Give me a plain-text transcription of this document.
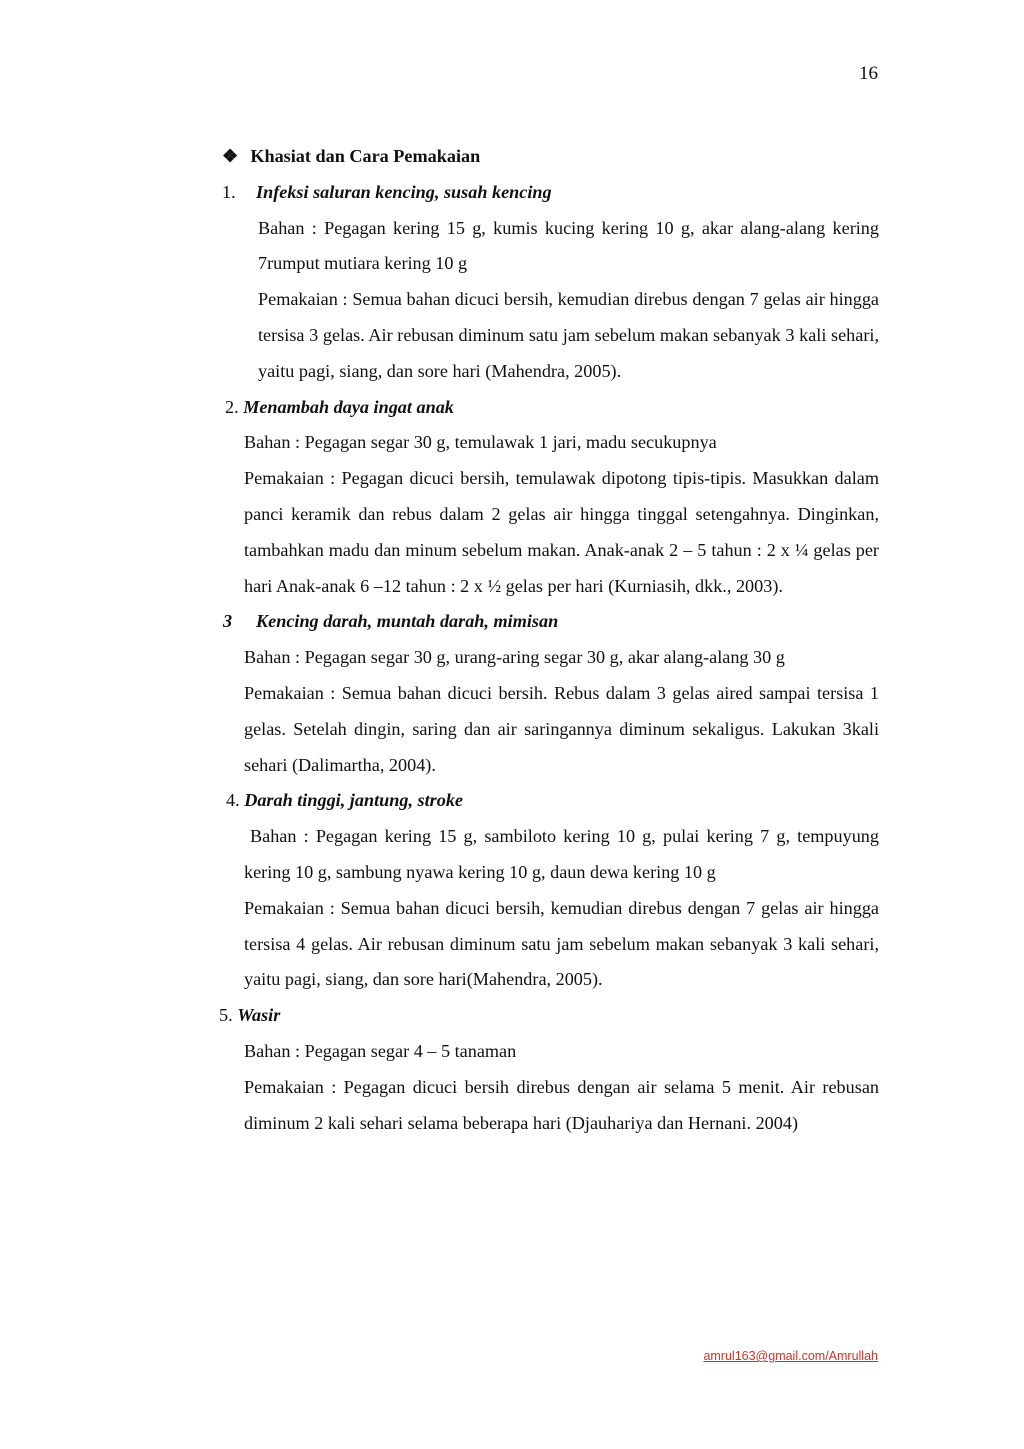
16

❖ Khasiat dan Cara Pemakaian

1. Infeksi saluran kencing, susah kencing

Bahan : Pegagan kering 15 g, kumis kucing kering 10 g, akar alang-alang kering 7rumput mutiara kering 10 g

Pemakaian : Semua bahan dicuci bersih, kemudian direbus dengan 7 gelas air hingga tersisa 3 gelas. Air rebusan diminum satu jam sebelum makan sebanyak 3 kali sehari, yaitu pagi, siang, dan sore hari (Mahendra, 2005).

2. Menambah daya ingat anak

Bahan : Pegagan segar 30 g, temulawak 1 jari, madu secukupnya

Pemakaian : Pegagan dicuci bersih, temulawak dipotong tipis-tipis. Masukkan dalam panci keramik dan rebus dalam 2 gelas air hingga tinggal setengahnya. Dinginkan, tambahkan madu dan minum sebelum makan. Anak-anak 2 – 5 tahun : 2 x ¼ gelas per hari Anak-anak 6 –12 tahun : 2 x ½ gelas per hari (Kurniasih, dkk., 2003).

3 Kencing darah, muntah darah, mimisan

Bahan : Pegagan segar 30 g, urang-aring segar 30 g, akar alang-alang 30 g

Pemakaian : Semua bahan dicuci bersih. Rebus dalam 3 gelas aired sampai tersisa 1 gelas. Setelah dingin, saring dan air saringannya diminum sekaligus. Lakukan 3kali sehari (Dalimartha, 2004).

4. Darah tinggi, jantung, stroke

Bahan : Pegagan kering 15 g, sambiloto kering 10 g, pulai kering 7 g, tempuyung kering 10 g, sambung nyawa kering 10 g, daun dewa kering 10 g

Pemakaian : Semua bahan dicuci bersih, kemudian direbus dengan 7 gelas air hingga tersisa 4 gelas. Air rebusan diminum satu jam sebelum makan sebanyak 3 kali sehari, yaitu pagi, siang, dan sore hari(Mahendra, 2005).

5. Wasir

Bahan : Pegagan segar 4 – 5 tanaman

Pemakaian : Pegagan dicuci bersih direbus dengan air selama 5 menit. Air rebusan diminum 2 kali sehari selama beberapa hari (Djauhariya dan Hernani. 2004)

amrul163@gmail.com/Amrullah
